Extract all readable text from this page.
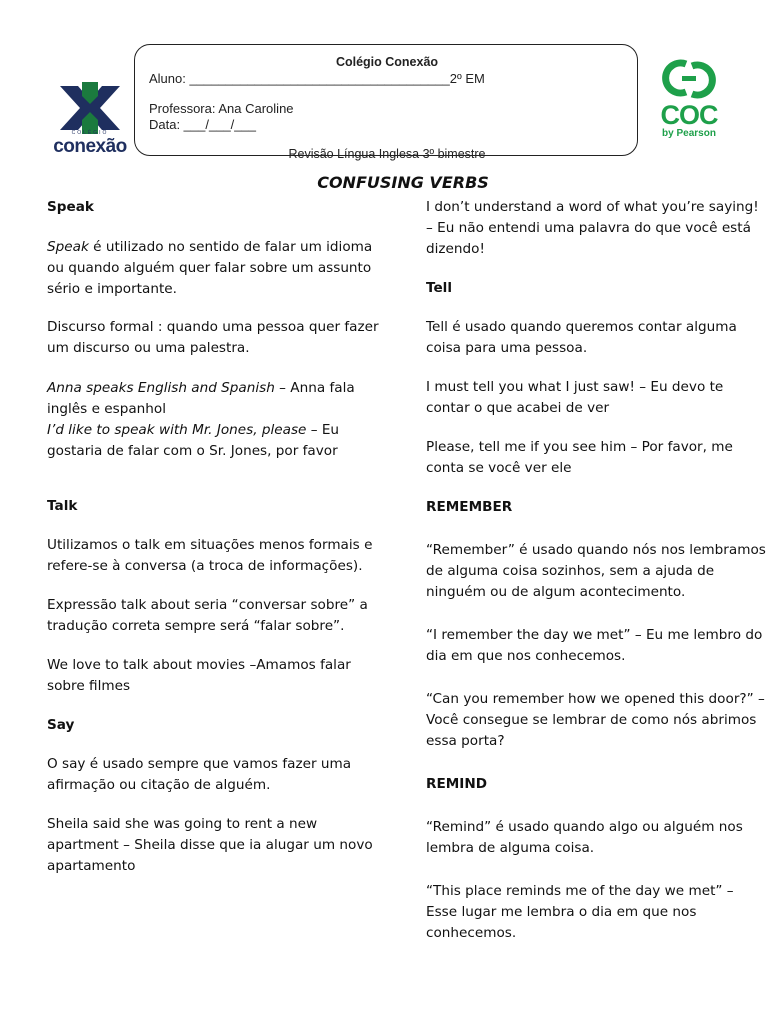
COLÉGIO
conexão
Colégio Conexão
Aluno: ____________________________________2º EM
Professora: Ana Caroline
Data: ___/___/___
Revisão Língua Inglesa 3º bimestre
COC
by Pearson
CONFUSING VERBS

Speak

Speak é utilizado no sentido de falar um idioma ou quando alguém quer falar sobre um assunto sério e importante.

Discurso formal : quando uma pessoa quer fazer um discurso ou uma palestra.

Anna speaks English and Spanish – Anna fala inglês e espanhol

I’d like to speak with Mr. Jones, please – Eu gostaria de falar com o Sr. Jones, por favor

Talk

Utilizamos o talk em situações menos formais e refere-se à conversa (a troca de informações).

Expressão talk about seria “conversar sobre” a tradução correta sempre será “falar sobre”.

We love to talk about movies –Amamos falar sobre filmes

Say

O say é usado sempre que vamos fazer uma afirmação ou citação de alguém.

Sheila said she was going to rent a new apartment – Sheila disse que ia alugar um novo apartamento

I don’t understand a word of what you’re saying! – Eu não entendi uma palavra do que você está dizendo!

Tell

Tell é usado quando queremos contar alguma coisa para uma pessoa.

I must tell you what I just saw! – Eu devo te contar o que acabei de ver

Please, tell me if you see him – Por favor, me conta se você ver ele

REMEMBER

“Remember” é usado quando nós nos lembramos de alguma coisa sozinhos, sem a ajuda de ninguém ou de algum acontecimento.

“I remember the day we met” – Eu me lembro do dia em que nos conhecemos.

“Can you remember how we opened this door?” – Você consegue se lembrar de como nós abrimos essa porta?

REMIND

“Remind” é usado quando algo ou alguém nos lembra de alguma coisa.

“This place reminds me of the day we met” – Esse lugar me lembra o dia em que nos conhecemos.
